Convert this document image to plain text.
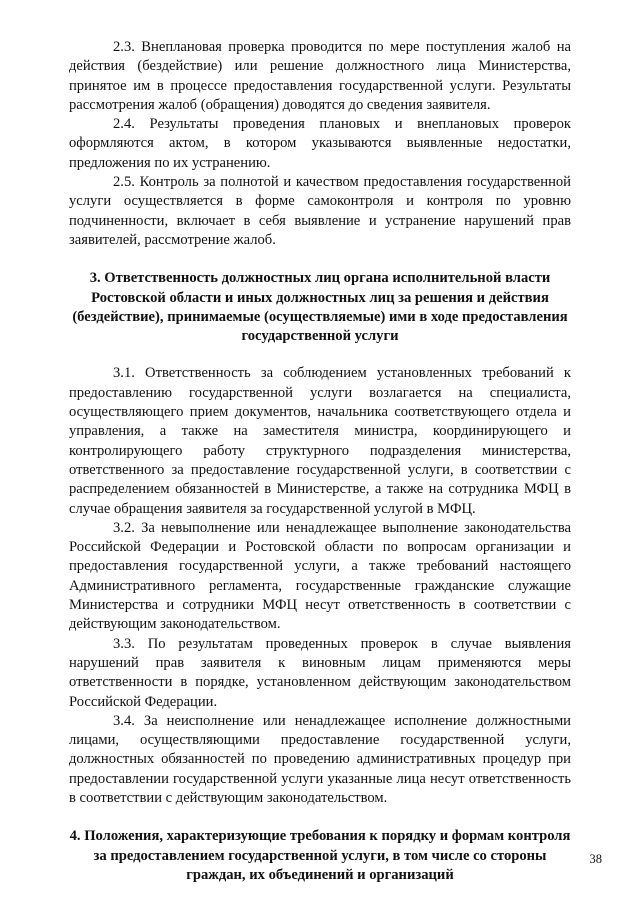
2.3. Внеплановая проверка проводится по мере поступления жалоб на действия (бездействие) или решение должностного лица Министерства, принятое им в процессе предоставления государственной услуги. Результаты рассмотрения жалоб (обращения) доводятся до сведения заявителя.

2.4. Результаты проведения плановых и внеплановых проверок оформляются актом, в котором указываются выявленные недостатки, предложения по их устранению.

2.5. Контроль за полнотой и качеством предоставления государственной услуги осуществляется в форме самоконтроля и контроля по уровню подчиненности, включает в себя выявление и устранение нарушений прав заявителей, рассмотрение жалоб.

3. Ответственность должностных лиц органа исполнительной власти Ростовской области и иных должностных лиц за решения и действия (бездействие), принимаемые (осуществляемые) ими в ходе предоставления государственной услуги

3.1. Ответственность за соблюдением установленных требований к предоставлению государственной услуги возлагается на специалиста, осуществляющего прием документов, начальника соответствующего отдела и управления, а также на заместителя министра, координирующего и контролирующего работу структурного подразделения министерства, ответственного за предоставление государственной услуги, в соответствии с распределением обязанностей в Министерстве, а также на сотрудника МФЦ в случае обращения заявителя за государственной услугой в МФЦ.

3.2. За невыполнение или ненадлежащее выполнение законодательства Российской Федерации и Ростовской области по вопросам организации и предоставления государственной услуги, а также требований настоящего Административного регламента, государственные гражданские служащие Министерства и сотрудники МФЦ несут ответственность в соответствии с действующим законодательством.

3.3. По результатам проведенных проверок в случае выявления нарушений прав заявителя к виновным лицам применяются меры ответственности в порядке, установленном действующим законодательством Российской Федерации.

3.4. За неисполнение или ненадлежащее исполнение должностными лицами, осуществляющими предоставление государственной услуги, должностных обязанностей по проведению административных процедур при предоставлении государственной услуги указанные лица несут ответственность в соответствии с действующим законодательством.

4. Положения, характеризующие требования к порядку и формам контроля за предоставлением государственной услуги, в том числе со стороны граждан, их объединений и организаций
38
